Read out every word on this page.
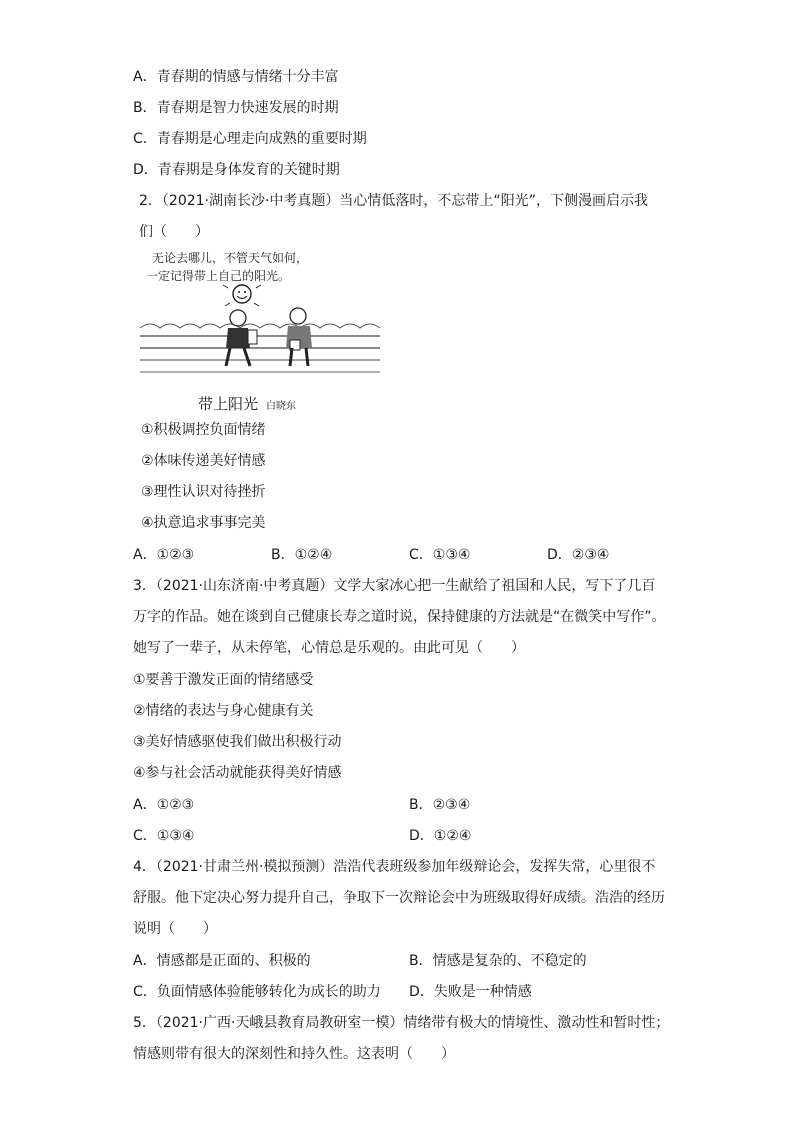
A．青春期的情感与情绪十分丰富
B．青春期是智力快速发展的时期
C．青春期是心理走向成熟的重要时期
D．青春期是身体发育的关键时期
2．（2021·湖南长沙·中考真题）当心情低落时，不忘带上“阳光”，下侧漫画启示我
们（　　）
无论去哪儿，不管天气如何，
一定记得带上自己的阳光。
带上阳光 白晓东
①积极调控负面情绪
②体味传递美好情感
③理性认识对待挫折
④执意追求事事完美
A．①②③	B．①②④	C．①③④	D．②③④
3．（2021·山东济南·中考真题）文学大家冰心把一生献给了祖国和人民，写下了几百
万字的作品。她在谈到自己健康长寿之道时说，保持健康的方法就是“在微笑中写作”。
她写了一辈子，从未停笔，心情总是乐观的。由此可见（　　）
①要善于激发正面的情绪感受
②情绪的表达与身心健康有关
③美好情感驱使我们做出积极行动
④参与社会活动就能获得美好情感
A．①②③	B．②③④
C．①③④	D．①②④
4．（2021·甘肃兰州·模拟预测）浩浩代表班级参加年级辩论会，发挥失常，心里很不
舒服。他下定决心努力提升自己，争取下一次辩论会中为班级取得好成绩。浩浩的经历
说明（　　）
A．情感都是正面的、积极的	B．情感是复杂的、不稳定的
C．负面情感体验能够转化为成长的助力 D．失败是一种情感
5．（2021·广西·天峨县教育局教研室一模）情绪带有极大的情境性、激动性和暂时性；
情感则带有很大的深刻性和持久性。这表明（　　）
